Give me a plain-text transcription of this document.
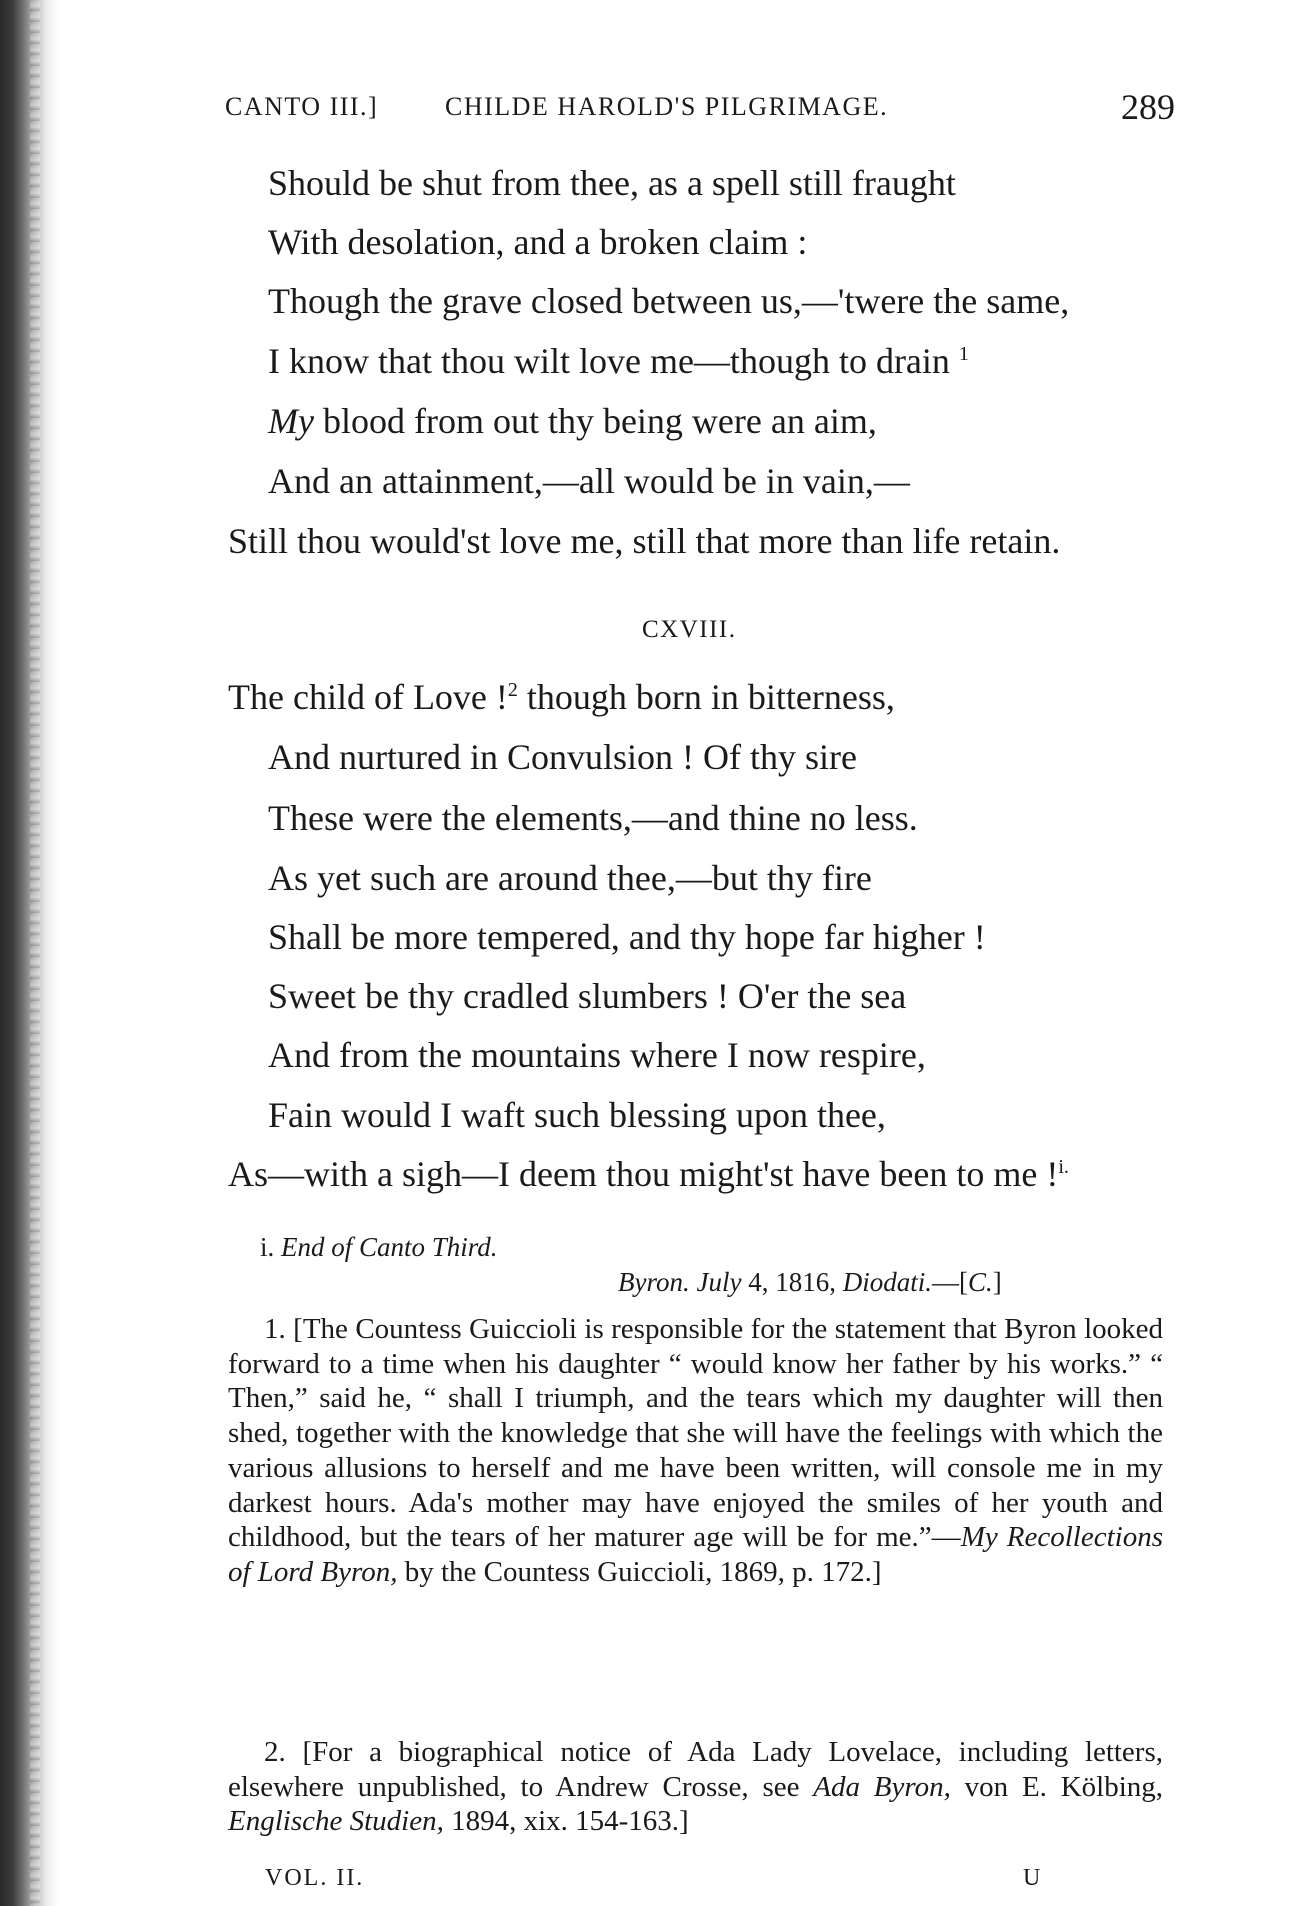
CANTO III.]	CHILDE HAROLD'S PILGRIMAGE.	289
Should be shut from thee, as a spell still fraught
With desolation, and a broken claim :
Though the grave closed between us,—'twere the same,
I know that thou wilt love me—though to drain $^1$
My blood from out thy being were an aim,
And an attainment,—all would be in vain,—
Still thou would'st love me, still that more than life retain.
CXVIII.
The child of Love !$^2$ though born in bitterness,
And nurtured in Convulsion ! Of thy sire
These were the elements,—and thine no less.
As yet such are around thee,—but thy fire
Shall be more tempered, and thy hope far higher !
Sweet be thy cradled slumbers ! O'er the sea
And from the mountains where I now respire,
Fain would I waft such blessing upon thee,
As—with a sigh—I deem thou might'st have been to me !$^{i.}$
i. End of Canto Third.
Byron. July 4, 1816, Diodati.—[C.]
1. [The Countess Guiccioli is responsible for the statement that Byron looked forward to a time when his daughter “ would know her father by his works.” “ Then,” said he, “ shall I triumph, and the tears which my daughter will then shed, together with the knowledge that she will have the feelings with which the various allusions to herself and me have been written, will console me in my darkest hours. Ada's mother may have enjoyed the smiles of her youth and childhood, but the tears of her maturer age will be for me.”—My Recollections of Lord Byron, by the Countess Guiccioli, 1869, p. 172.]
2. [For a biographical notice of Ada Lady Lovelace, including letters, elsewhere unpublished, to Andrew Crosse, see Ada Byron, von E. Kölbing, Englische Studien, 1894, xix. 154-163.]
VOL. II.	U
